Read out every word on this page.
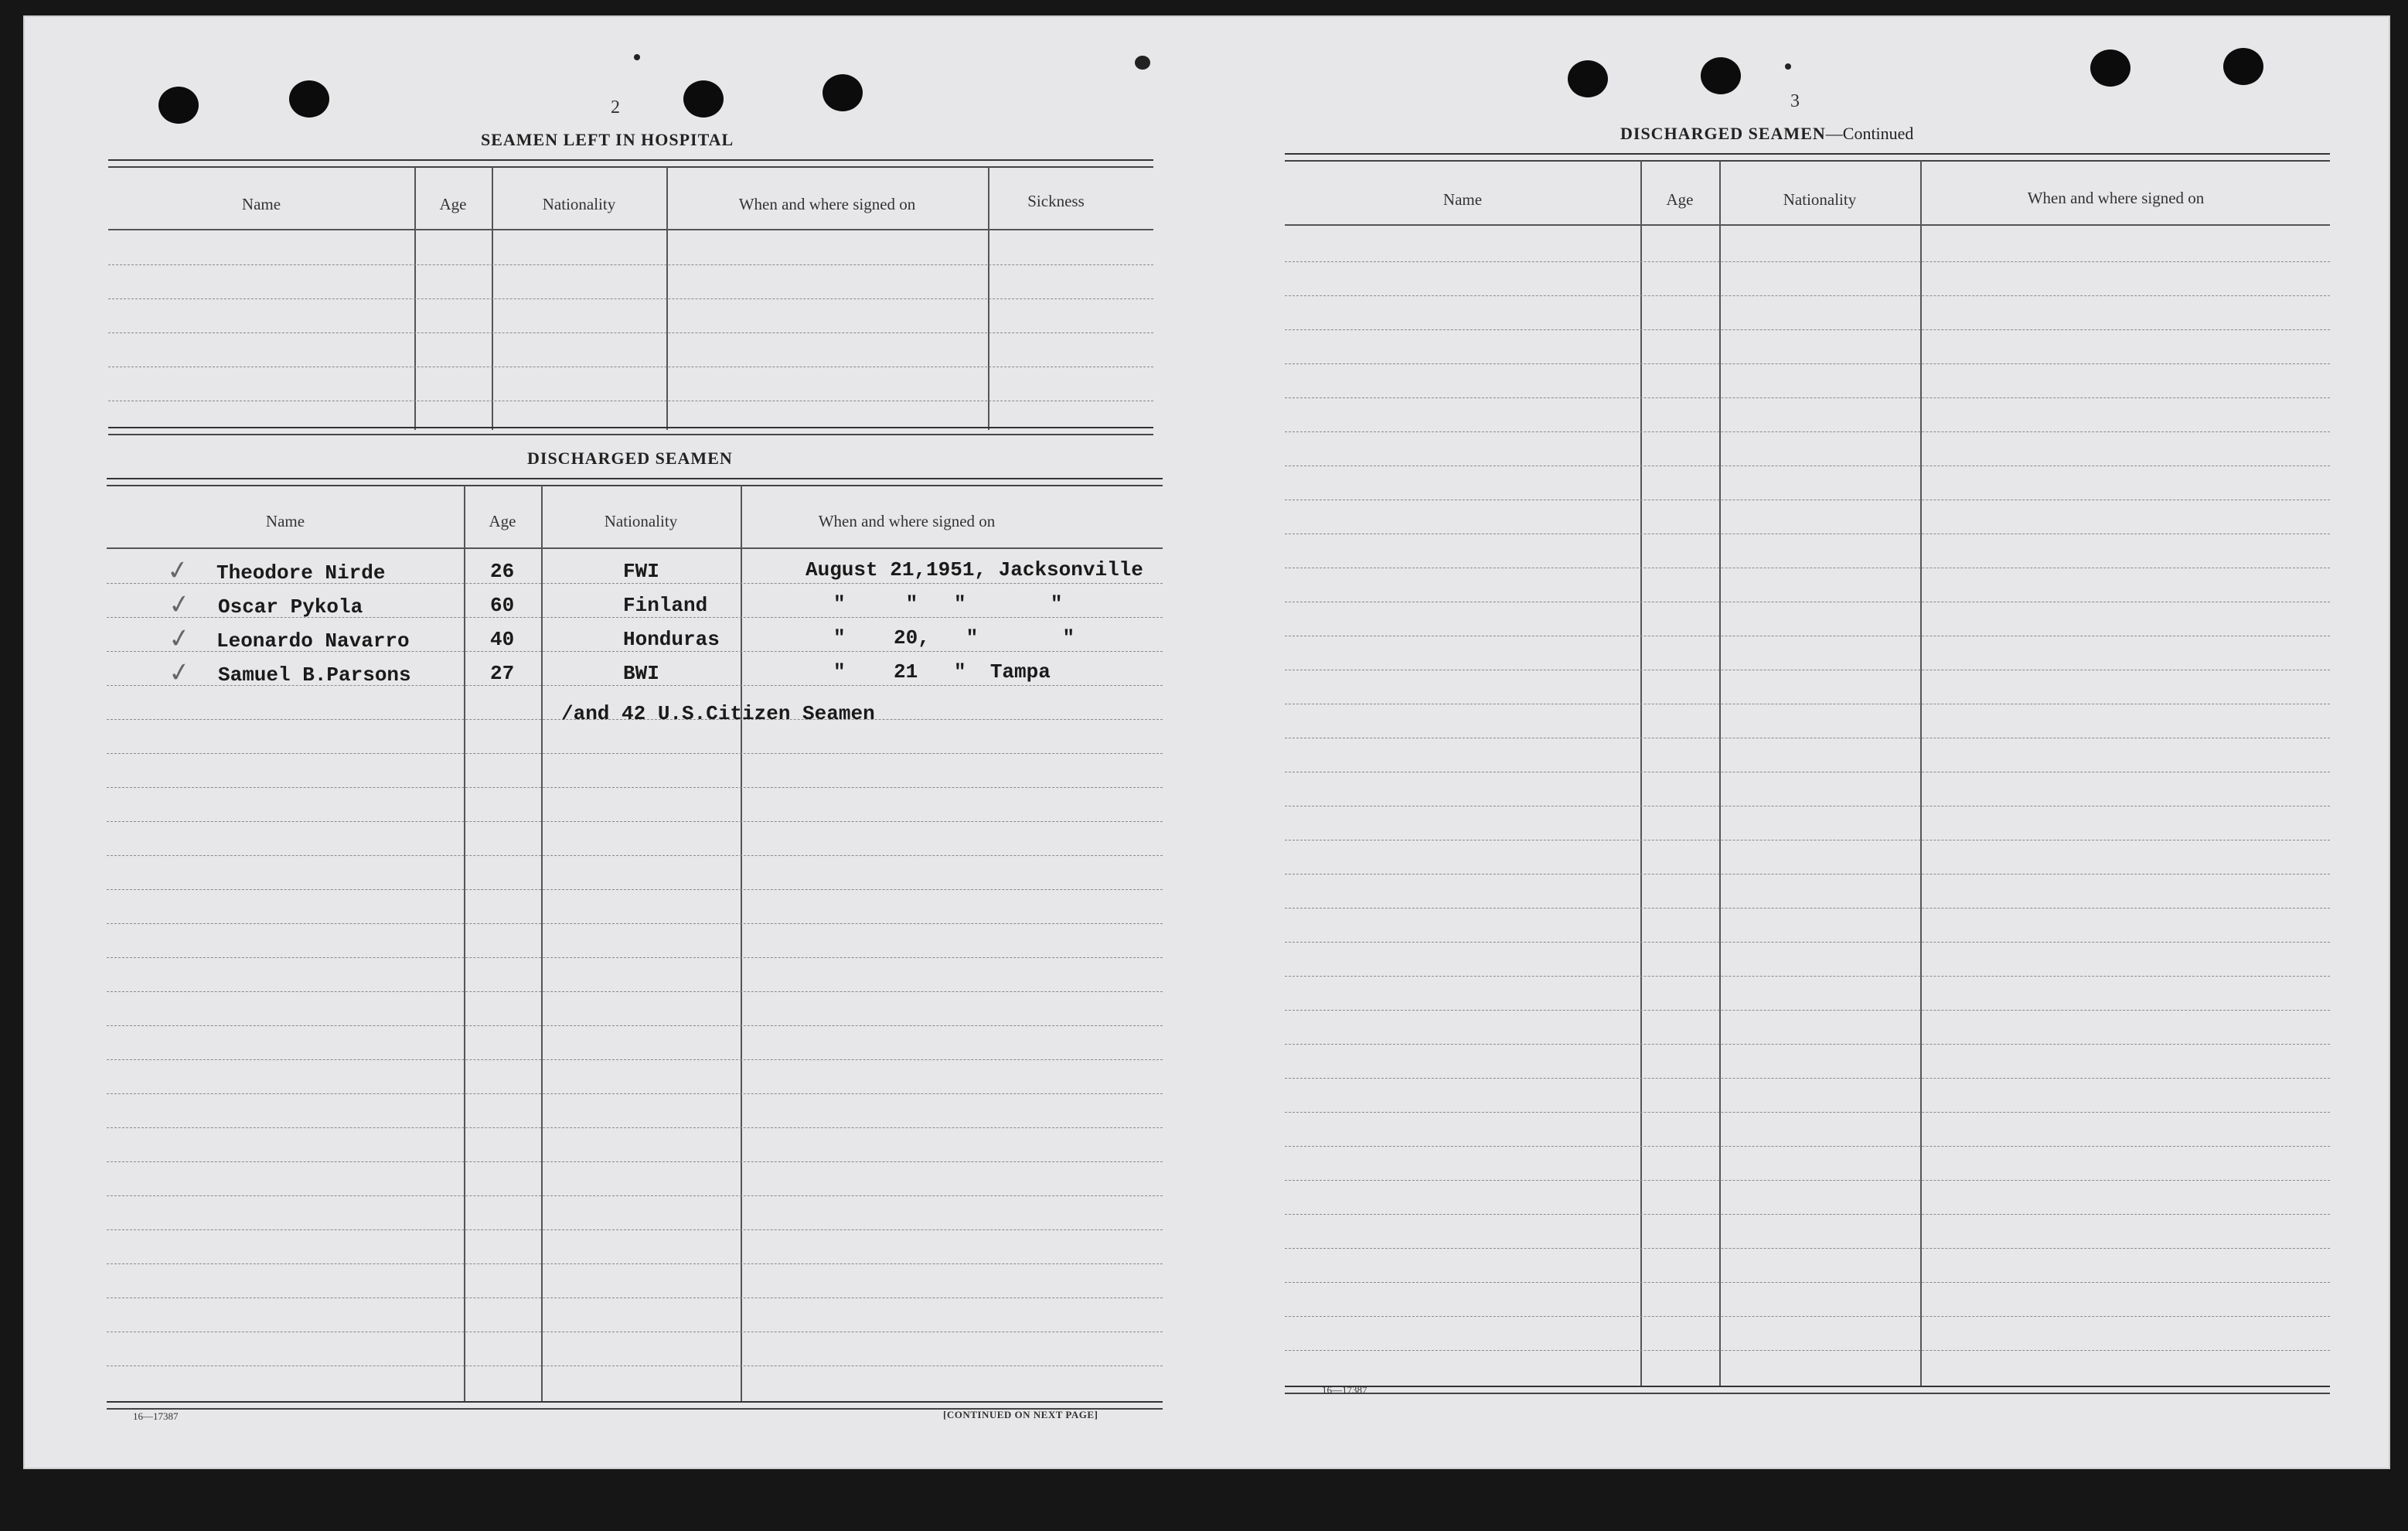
2
SEAMEN LEFT IN HOSPITAL
Name	Age	Nationality	When and where signed on	Sickness
DISCHARGED SEAMEN
Name	Age	Nationality	When and where signed on
✓ Theodore Nirde	26	FWI	August 21,1951, Jacksonville
✓ Oscar Pykola	60	Finland	"     "   "       "
✓ Leonardo Navarro	40	Honduras	"    20,   "       "
✓ Samuel B.Parsons	27	BWI	"    21   "  Tampa
/and 42 U.S.Citizen Seamen
16—17387	[CONTINUED ON NEXT PAGE]
3
DISCHARGED SEAMEN—Continued
Name	Age	Nationality	When and where signed on
16—17387
